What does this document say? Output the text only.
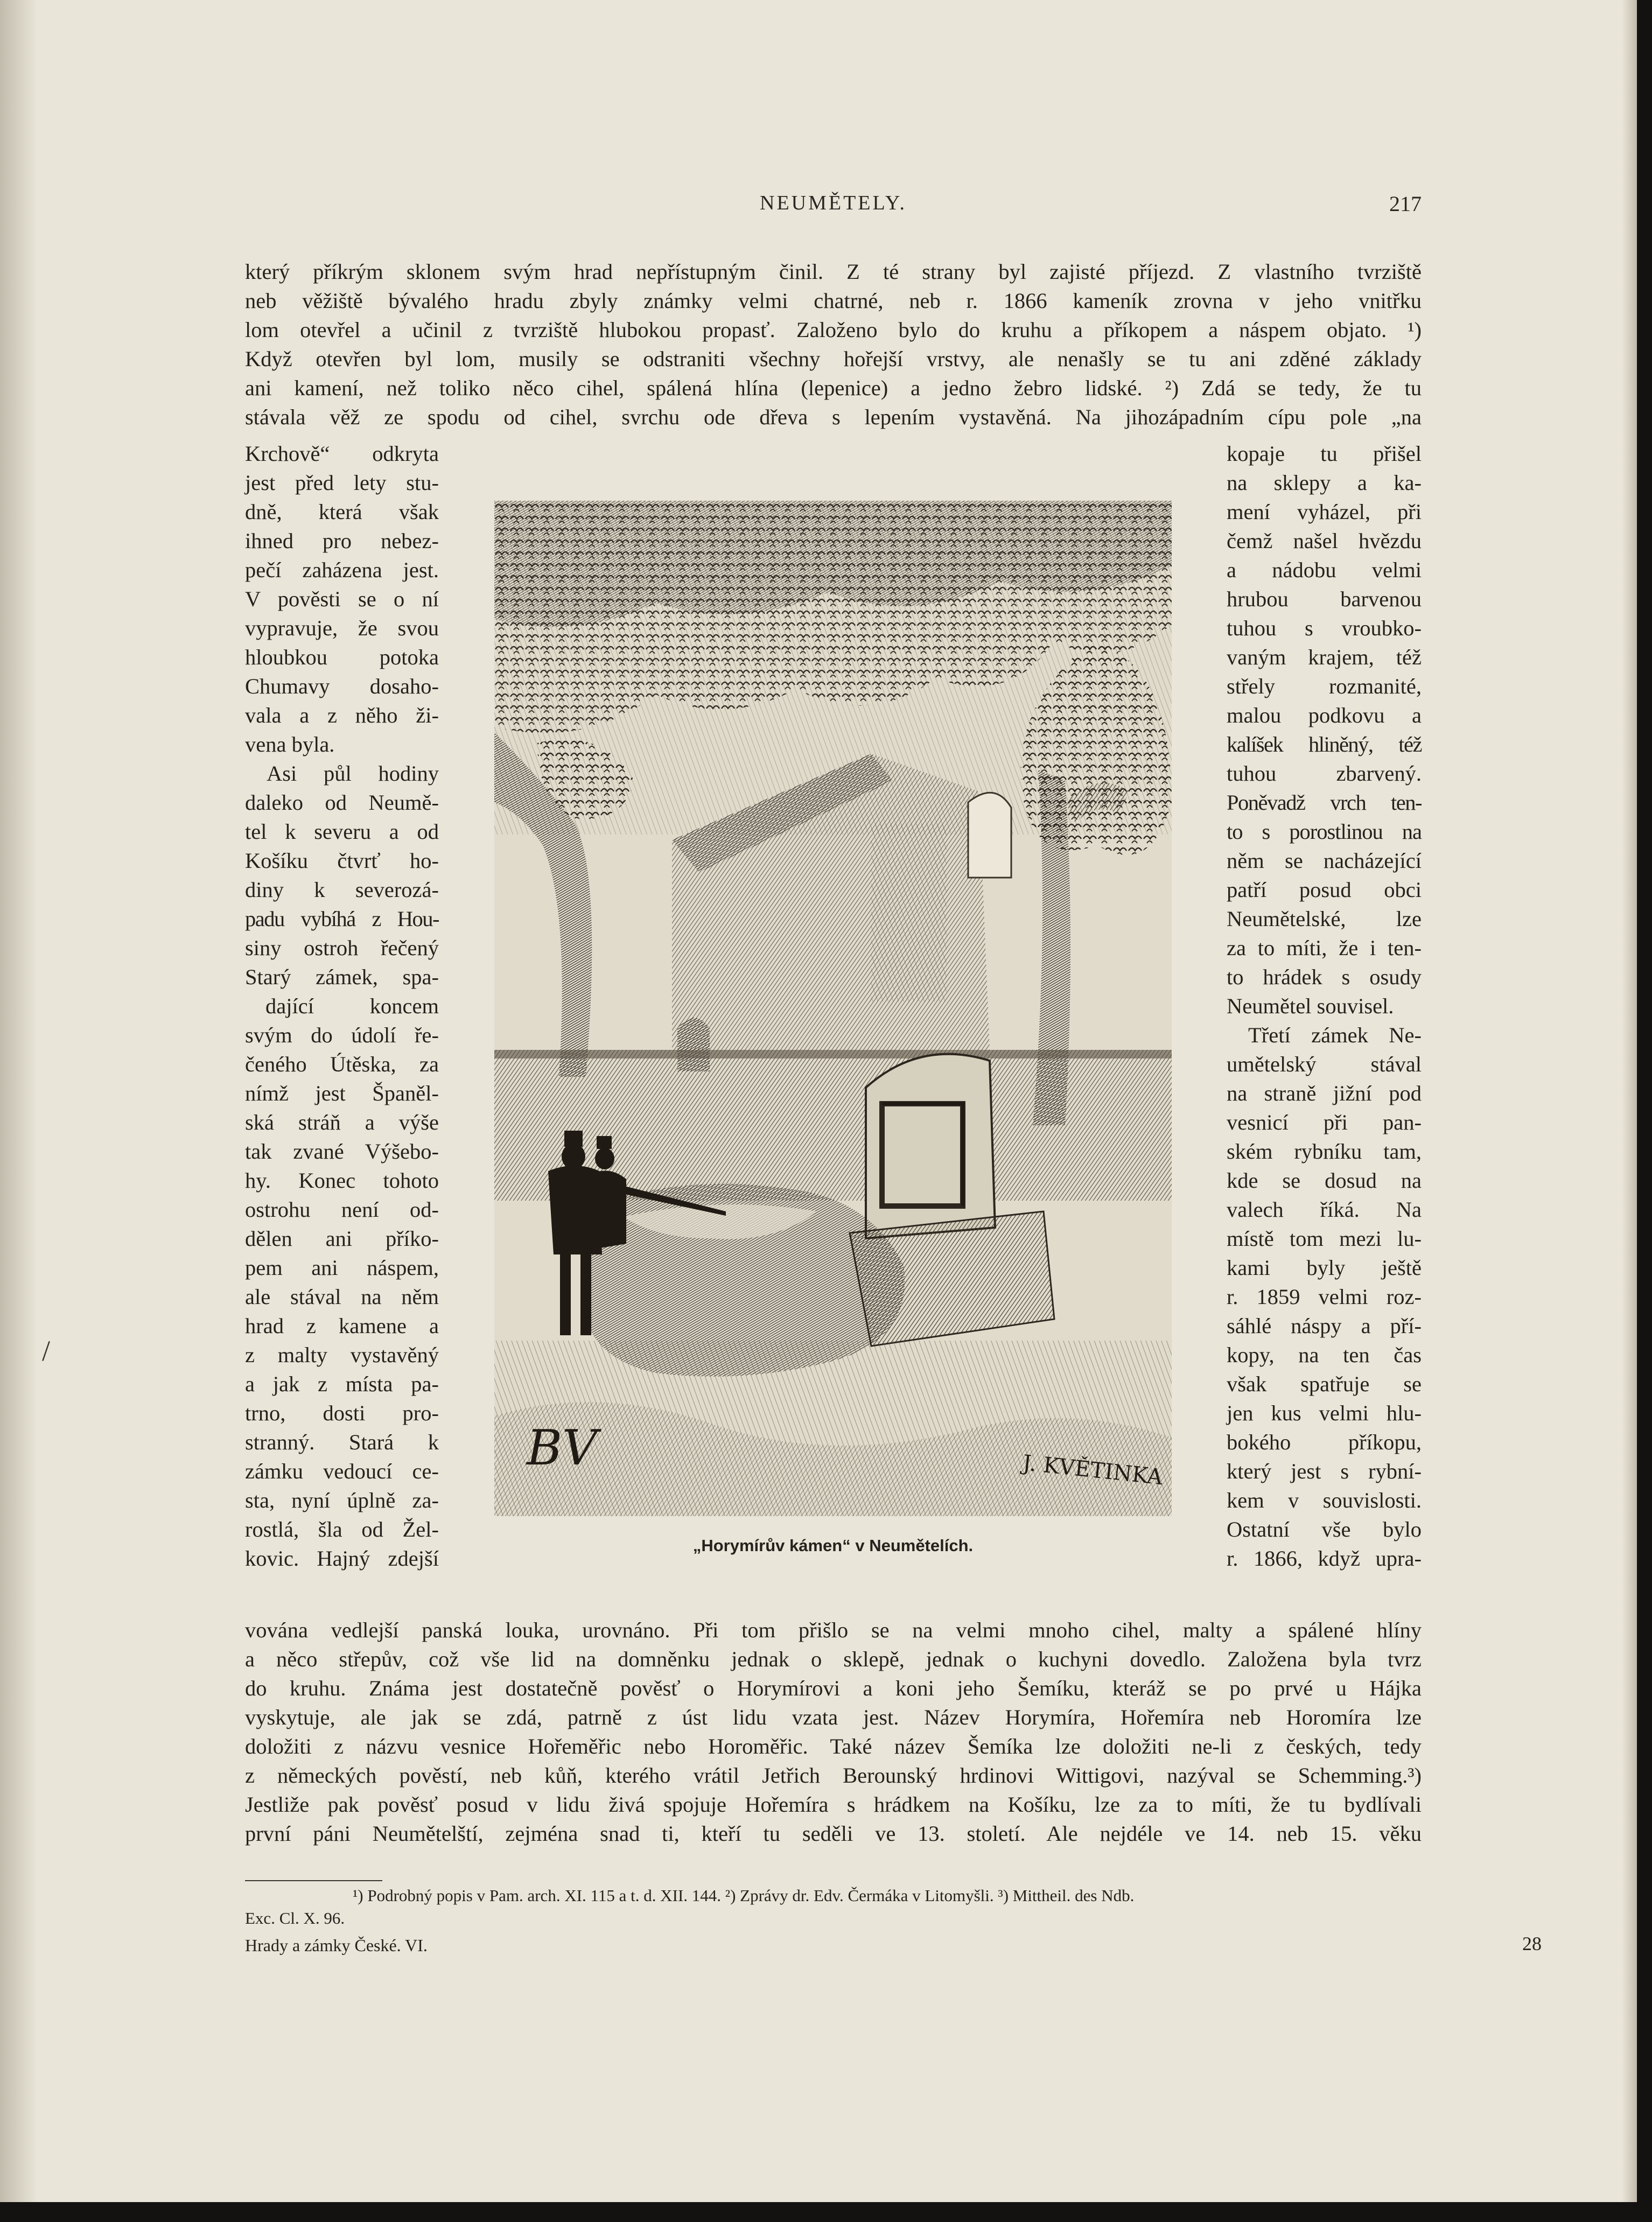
NEUMĚTELY.	217
který příkrým sklonem svým hrad nepřístupným činil. Z té strany byl zajisté příjezd. Z vlastního tvrziště
neb věžiště bývalého hradu zbyly známky velmi chatrné, neb r. 1866 kameník zrovna v jeho vnitřku
lom otevřel a učinil z tvrziště hlubokou propasť. Založeno bylo do kruhu a příkopem a náspem objato. ¹)
Když otevřen byl lom, musily se odstraniti všechny hořejší vrstvy, ale nenašly se tu ani zděné základy
ani kamení, než toliko něco cihel, spálená hlína (lepenice) a jedno žebro lidské. ²) Zdá se tedy, že tu
stávala věž ze spodu od cihel, svrchu ode dřeva s lepením vystavěná. Na jihozápadním cípu pole „na
Krchově“ odkryta
jest před lety stu-
dně, která však
ihned pro nebez-
pečí zaházena jest.
V pověsti se o ní
vypravuje, že svou
hloubkou potoka
Chumavy dosaho-
vala a z něho ži-
vena byla.
Asi půl hodiny
daleko od Neumě-
tel k severu a od
Košíku čtvrť ho-
diny k severozá-
padu vybíhá z Hou-
siny ostroh řečený
Starý zámek, spa-
dající koncem
svým do údolí ře-
čeného Útěska, za
nímž jest Španěl-
ská stráň a výše
tak zvané Výšebo-
hy. Konec tohoto
ostrohu není od-
dělen ani příko-
pem ani náspem,
ale stával na něm
hrad z kamene a
z malty vystavěný
a jak z místa pa-
trno, dosti pro-
stranný. Stará k
zámku vedoucí ce-
sta, nyní úplně za-
rostlá, šla od Žel-
kovic. Hajný zdejší
kopaje tu přišel
na sklepy a ka-
mení vyházel, při
čemž našel hvězdu
a nádobu velmi
hrubou barvenou
tuhou s vroubko-
vaným krajem, též
střely rozmanité,
malou podkovu a
kalíšek hliněný, též
tuhou zbarvený.
Poněvadž vrch ten-
to s porostlinou na
něm se nacházející
patří posud obci
Neumětelské, lze
za to míti, že i ten-
to hrádek s osudy
Neumětel souvisel.
Třetí zámek Ne-
umětelský stával
na straně jižní pod
vesnicí při pan-
ském rybníku tam,
kde se dosud na
valech říká. Na
místě tom mezi lu-
kami byly ještě
r. 1859 velmi roz-
sáhlé náspy a pří-
kopy, na ten čas
však spatřuje se
jen kus velmi hlu-
bokého příkopu,
který jest s rybní-
kem v souvislosti.
Ostatní vše bylo
r. 1866, když upra-
BV	J. KVĚTINKA
„Horymírův kámen“ v Neumětelích.
vována vedlejší panská louka, urovnáno. Při tom přišlo se na velmi mnoho cihel, malty a spálené hlíny
a něco střepův, což vše lid na domněnku jednak o sklepě, jednak o kuchyni dovedlo. Založena byla tvrz
do kruhu. Známa jest dostatečně pověsť o Horymírovi a koni jeho Šemíku, kteráž se po prvé u Hájka
vyskytuje, ale jak se zdá, patrně z úst lidu vzata jest. Název Horymíra, Hořemíra neb Horomíra lze
doložiti z názvu vesnice Hořeměřic nebo Horoměřic. Také název Šemíka lze doložiti ne-li z českých, tedy
z německých pověstí, neb kůň, kterého vrátil Jetřich Berounský hrdinovi Wittigovi, nazýval se Schemming.³)
Jestliže pak pověsť posud v lidu živá spojuje Hořemíra s hrádkem na Košíku, lze za to míti, že tu bydlívali
první páni Neumětelští, zejména snad ti, kteří tu seděli ve 13. století. Ale nejdéle ve 14. neb 15. věku
¹) Podrobný popis v Pam. arch. XI. 115 a t. d. XII. 144. ²) Zprávy dr. Edv. Čermáka v Litomyšli. ³) Mittheil. des Ndb.
Exc. Cl. X. 96.
Hrady a zámky České. VI.	28
/
